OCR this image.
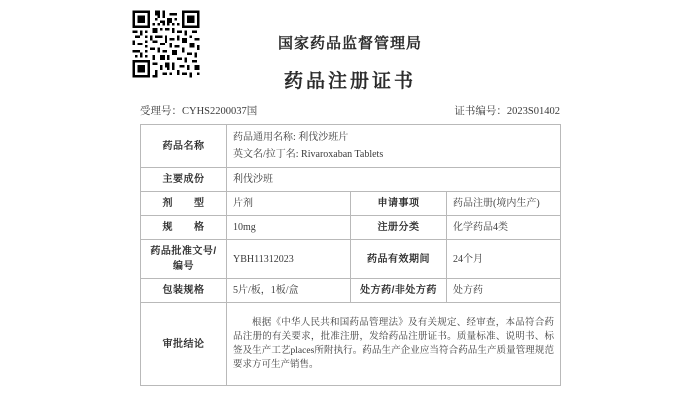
国家药品监督管理局
药品注册证书
受理号：CYHS2200037国	证书编号：2023S01402
药品名称	药品通用名称: 利伐沙班片
英文名/拉丁名: Rivaroxaban Tablets		

主要成份	利伐沙班		
剂　　型	片剂	申请事项	药品注册(境内生产)
规　　格	10mg	注册分类	化学药品4类
药品批准文号/编号	YBH11312023	药品有效期间	24个月
包装规格	5片/板，1板/盒	处方药/非处方药	处方药
审批结论	根据《中华人民共和国药品管理法》及有关规定、经审查，本品符合药品注册的有关要求，批准注册，发给药品注册证书。质量标准、说明书、标签及生产工艺places所附执行。药品生产企业应当符合药品生产质量管理规范要求方可生产销售。		
